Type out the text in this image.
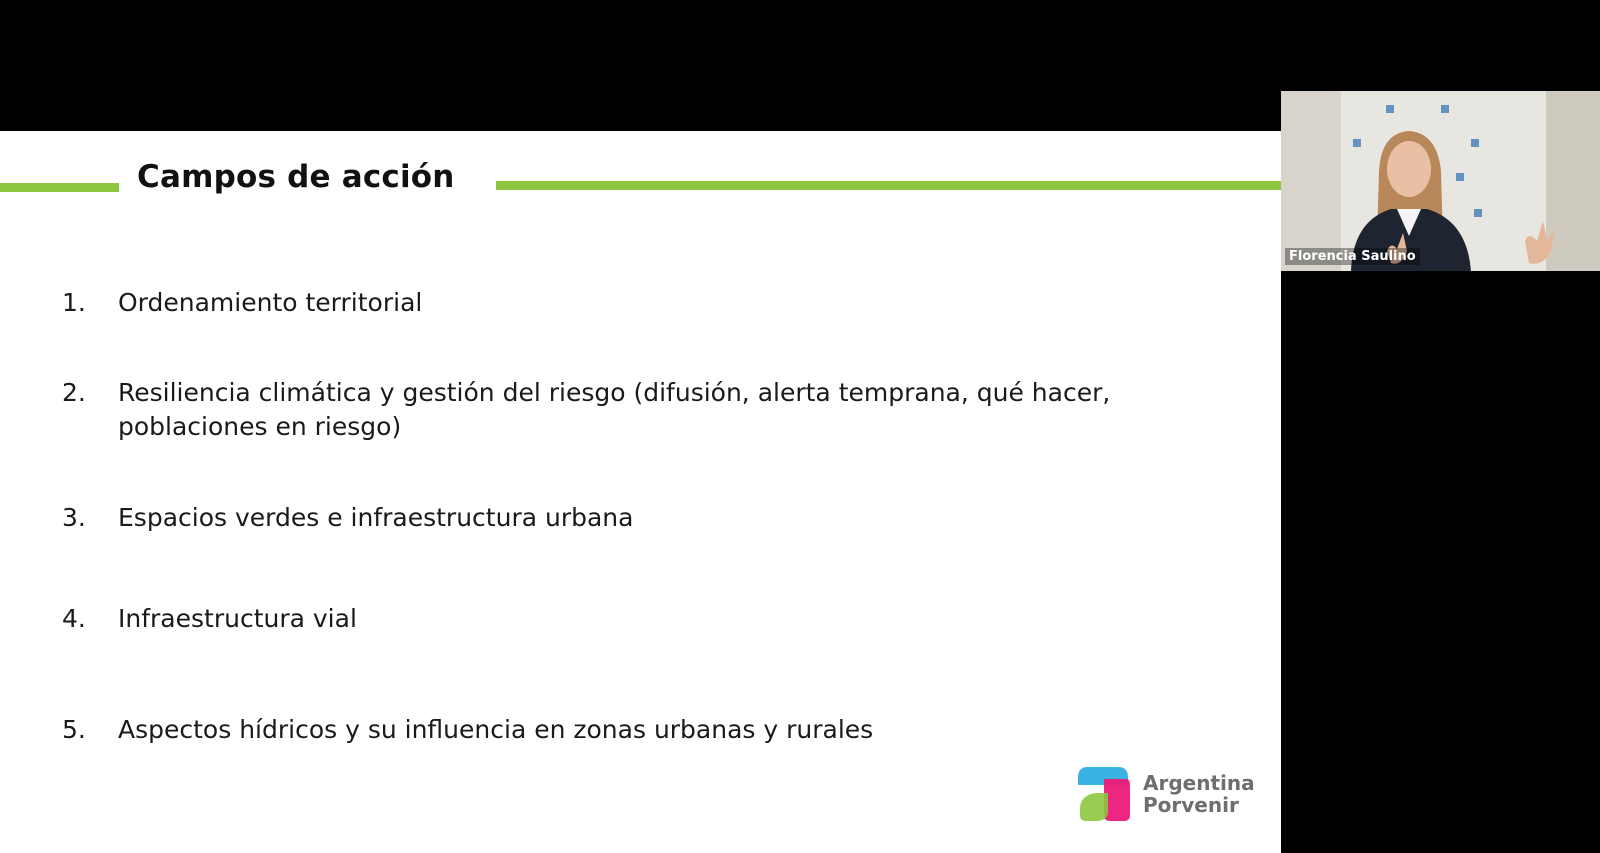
Campos de acción
1.	Ordenamiento territorial
2.	Resiliencia climática y gestión del riesgo (difusión, alerta temprana, qué hacer, poblaciones en riesgo)
3.	Espacios verdes e infraestructura urbana
4.	Infraestructura vial
5.	Aspectos hídricos y su influencia en zonas urbanas y rurales
Argentina
Porvenir
Florencia Saulino
